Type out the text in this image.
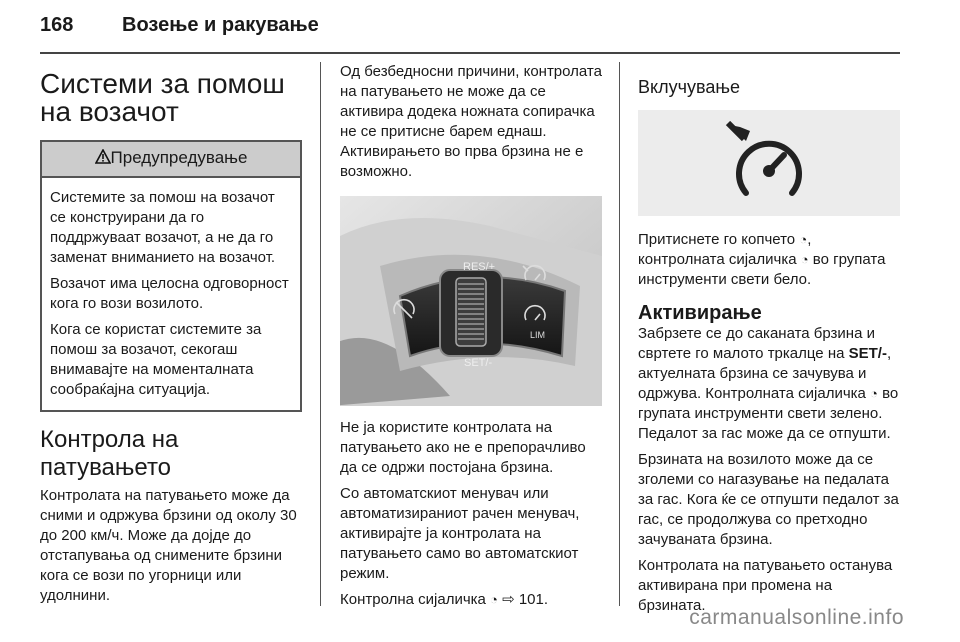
168 Возење и ракување
Системи за помош на возачот
Предупредување

Системите за помош на возачот се конструирани да го поддржуваат возачот, а не да го заменат вниманието на возачот.

Возачот има целосна одговорност кога го вози возилото.

Кога се користат системите за помош за возачот, секогаш внимавајте на моменталната сообраќајна ситуација.

Контрола на патувањето

Контролата на патувањето може да сними и одржува брзини од околу 30 до 200 км/ч. Може да дојде до отстапувања од снимените брзини кога се вози по угорници или удолнини.

Од безбедносни причини, контролата на патувањето не може да се активира додека ножната сопирачка не се притисне барем еднаш. Активирањето во прва брзина не е возможно.

RES/+
SET/-
LIM

Не ја користите контролата на патувањето ако не е препорачливо да се одржи постојана брзина.

Со автоматскиот менувач или автоматизираниот рачен менувач, активирајте ја контролата на патувањето само во автоматскиот режим.

Контролна сијаличка ◔ ⇨ 101.

Вклучување

Притиснете го копчето ◔, контролната сијаличка ◔ во групата инструменти свети бело.

Активирање

Забрзете се до саканата брзина и свртете го малото тркалце на SET/-, актуелната брзина се зачувува и одржува. Контролната сијаличка ◔ во групата инструменти свети зелено. Педалот за гас може да се отпушти.

Брзината на возилото може да се зголеми со нагазување на педалата за гас. Кога ќе се отпушти педалот за гас, се продолжува со претходно зачуваната брзина.

Контролата на патувањето останува активирана при промена на брзината.

carmanualsonline.info
